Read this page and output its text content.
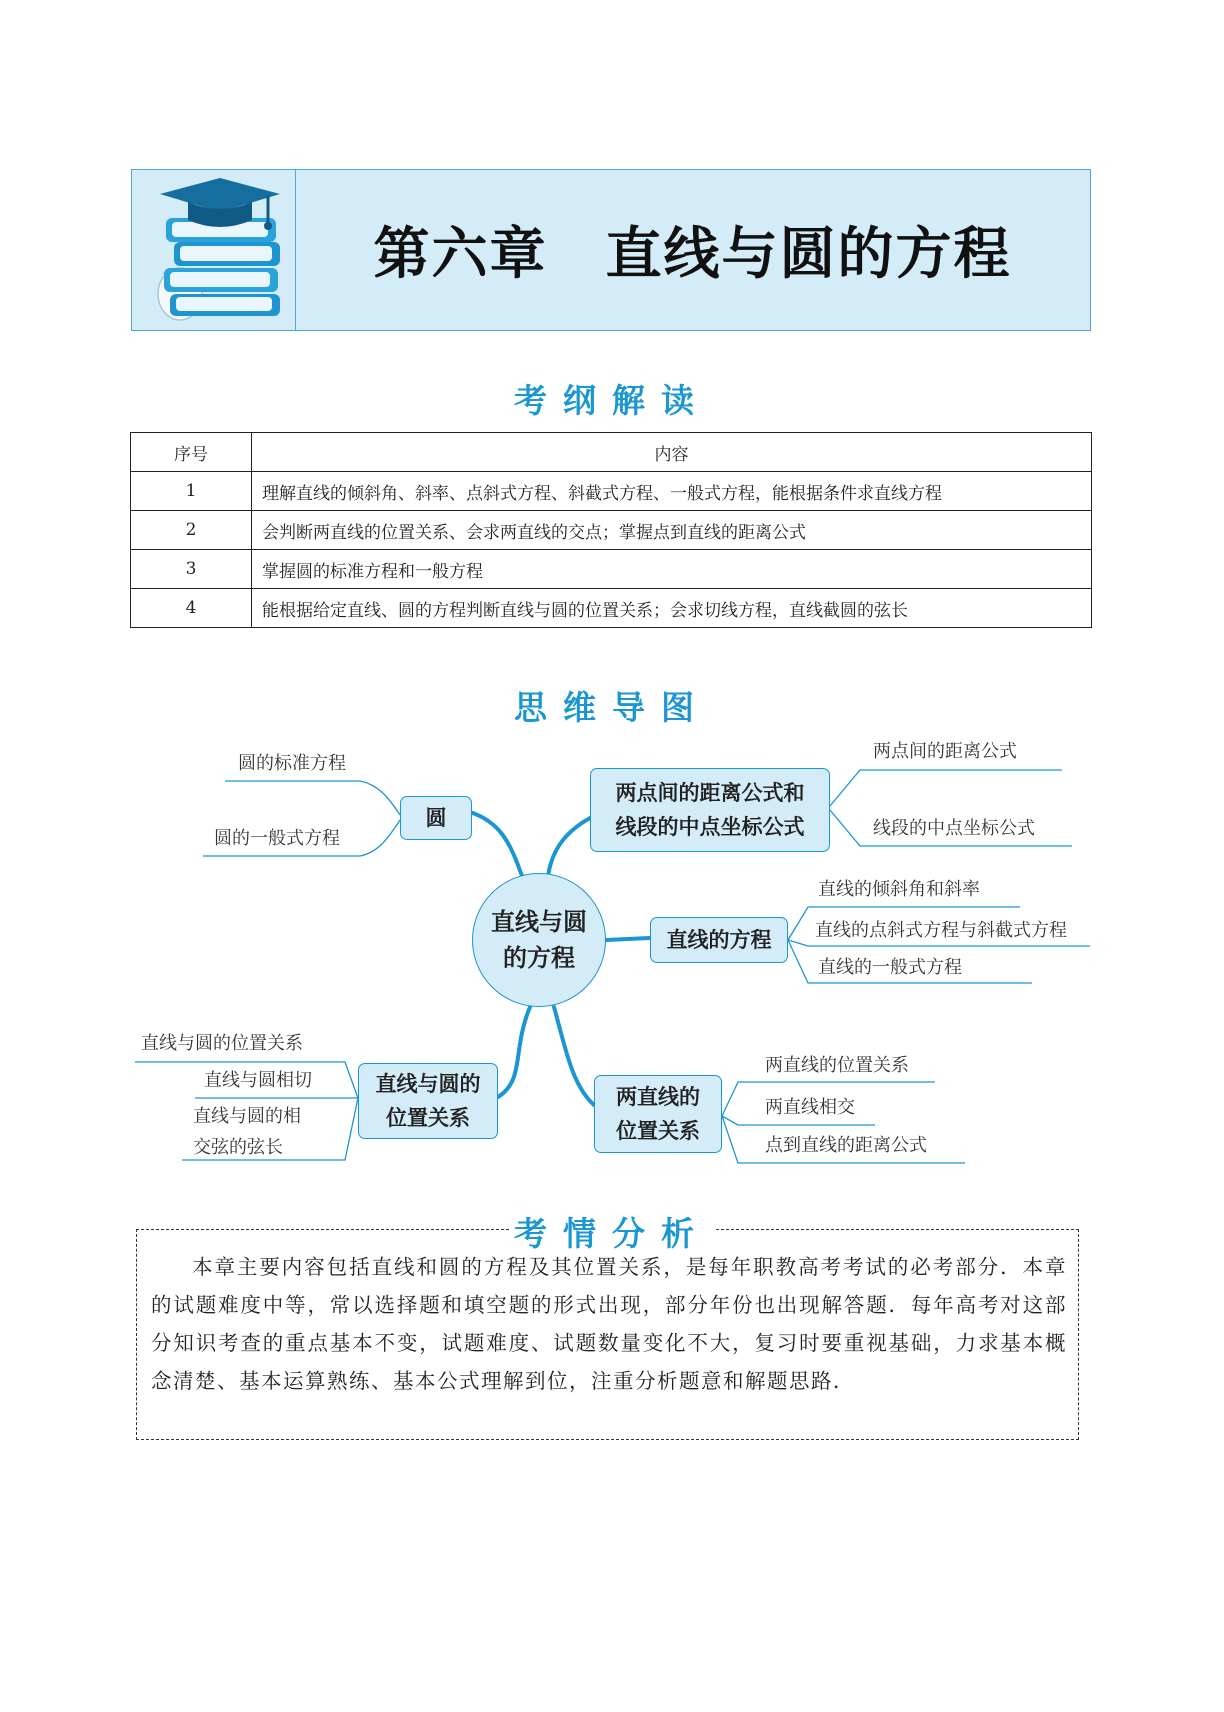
第六章　直线与圆的方程
考纲解读
序号	内容
1	理解直线的倾斜角、斜率、点斜式方程、斜截式方程、一般式方程，能根据条件求直线方程
2	会判断两直线的位置关系、会求两直线的交点；掌握点到直线的距离公式
3	掌握圆的标准方程和一般方程
4	能根据给定直线、圆的方程判断直线与圆的位置关系；会求切线方程，直线截圆的弦长
思维导图
直线与圆
的方程
圆
圆的标准方程
圆的一般式方程
两点间的距离公式和
线段的中点坐标公式
两点间的距离公式
线段的中点坐标公式
直线的方程
直线的倾斜角和斜率
直线的点斜式方程与斜截式方程
直线的一般式方程
直线与圆的
位置关系
直线与圆的位置关系
直线与圆相切
直线与圆的相
交弦的弦长
两直线的
位置关系
两直线的位置关系
两直线相交
点到直线的距离公式
考情分析
本章主要内容包括直线和圆的方程及其位置关系，是每年职教高考考试的必考部分．本章的试题难度中等，常以选择题和填空题的形式出现，部分年份也出现解答题．每年高考对这部分知识考查的重点基本不变，试题难度、试题数量变化不大，复习时要重视基础，力求基本概念清楚、基本运算熟练、基本公式理解到位，注重分析题意和解题思路．
